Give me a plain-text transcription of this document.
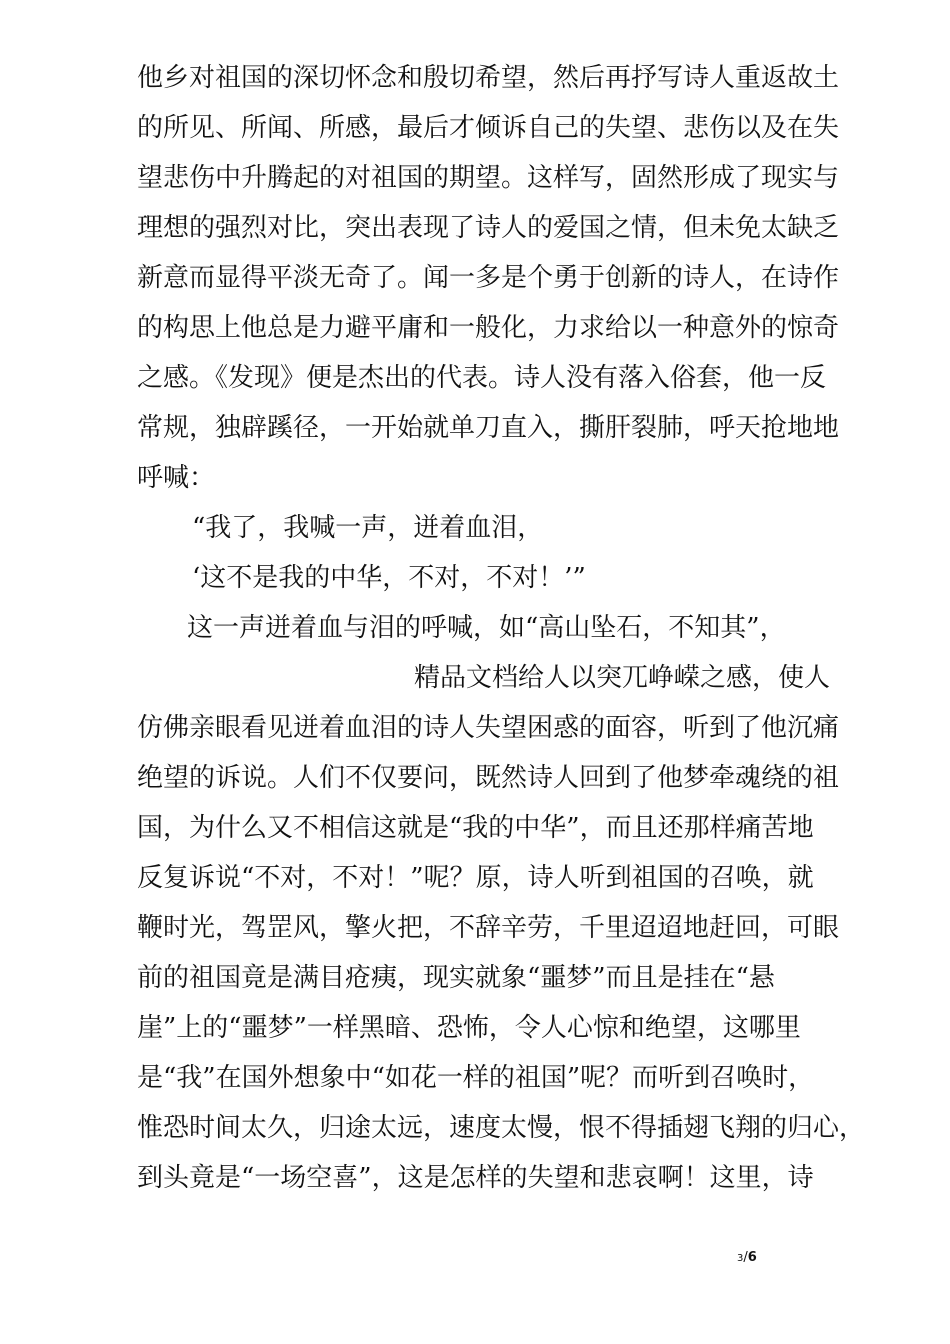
他乡对祖国的深切怀念和殷切希望，然后再抒写诗人重返故土
的所见、所闻、所感，最后才倾诉自己的失望、悲伤以及在失
望悲伤中升腾起的对祖国的期望。这样写，固然形成了现实与
理想的强烈对比，突出表现了诗人的爱国之情，但未免太缺乏
新意而显得平淡无奇了。闻一多是个勇于创新的诗人，在诗作
的构思上他总是力避平庸和一般化，力求给以一种意外的惊奇
之感。《发现》便是杰出的代表。诗人没有落入俗套，他一反
常规，独辟蹊径，一开始就单刀直入，撕肝裂肺，呼天抢地地
呼喊：
“我了，我喊一声，迸着血泪，
‘这不是我的中华，不对，不对！’”
这一声迸着血与泪的呼喊，如“高山坠石，不知其”，
精品文档给人以突兀峥嵘之感，使人
仿佛亲眼看见迸着血泪的诗人失望困惑的面容，听到了他沉痛
绝望的诉说。人们不仅要问，既然诗人回到了他梦牵魂绕的祖
国，为什么又不相信这就是“我的中华”，而且还那样痛苦地
反复诉说“不对，不对！”呢？原，诗人听到祖国的召唤，就
鞭时光，驾罡风，擎火把，不辞辛劳，千里迢迢地赶回，可眼
前的祖国竟是满目疮痍，现实就象“噩梦”而且是挂在“悬
崖”上的“噩梦”一样黑暗、恐怖，令人心惊和绝望，这哪里
是“我”在国外想象中“如花一样的祖国”呢？而听到召唤时，
惟恐时间太久，归途太远，速度太慢，恨不得插翅飞翔的归心，
到头竟是“一场空喜”，这是怎样的失望和悲哀啊！这里，诗
3/6
